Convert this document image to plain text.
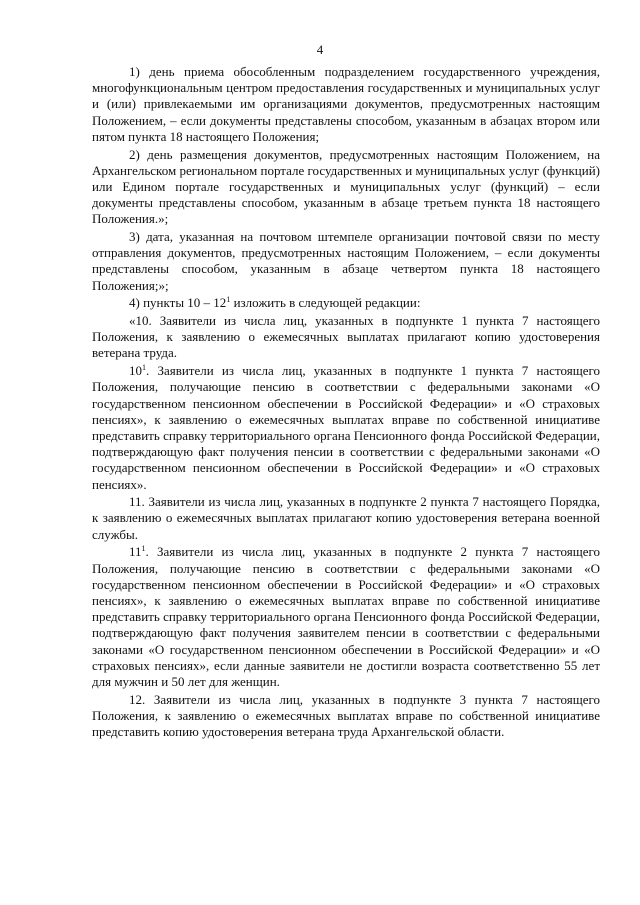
4

1) день приема обособленным подразделением государственного учреждения, многофункциональным центром предоставления государственных и муниципальных услуг и (или) привлекаемыми им организациями документов, предусмотренных настоящим Положением, – если документы представлены способом, указанным в абзацах втором или пятом пункта 18 настоящего Положения;

2) день размещения документов, предусмотренных настоящим Положением, на Архангельском региональном портале государственных и муниципальных услуг (функций) или Едином портале государственных и муниципальных услуг (функций) – если документы представлены способом, указанным в абзаце третьем пункта 18 настоящего Положения.»;

3) дата, указанная на почтовом штемпеле организации почтовой связи по месту отправления документов, предусмотренных настоящим Положением, – если документы представлены способом, указанным в абзаце четвертом пункта 18 настоящего Положения;»;

4) пункты $10 - 12^1$ изложить в следующей редакции:

«10. Заявители из числа лиц, указанных в подпункте 1 пункта 7 настоящего Положения, к заявлению о ежемесячных выплатах прилагают копию удостоверения ветерана труда.

$10^1$. Заявители из числа лиц, указанных в подпункте 1 пункта 7 настоящего Положения, получающие пенсию в соответствии с федеральными законами «О государственном пенсионном обеспечении в Российской Федерации» и «О страховых пенсиях», к заявлению о ежемесячных выплатах вправе по собственной инициативе представить справку территориального органа Пенсионного фонда Российской Федерации, подтверждающую факт получения пенсии в соответствии с федеральными законами «О государственном пенсионном обеспечении в Российской Федерации» и «О страховых пенсиях».

11. Заявители из числа лиц, указанных в подпункте 2 пункта 7 настоящего Порядка, к заявлению о ежемесячных выплатах прилагают копию удостоверения ветерана военной службы.

$11^1$. Заявители из числа лиц, указанных в подпункте 2 пункта 7 настоящего Положения, получающие пенсию в соответствии с федеральными законами «О государственном пенсионном обеспечении в Российской Федерации» и «О страховых пенсиях», к заявлению о ежемесячных выплатах вправе по собственной инициативе представить справку территориального органа Пенсионного фонда Российской Федерации, подтверждающую факт получения заявителем пенсии в соответствии с федеральными законами «О государственном пенсионном обеспечении в Российской Федерации» и «О страховых пенсиях», если данные заявители не достигли возраста соответственно 55 лет для мужчин и 50 лет для женщин.

12. Заявители из числа лиц, указанных в подпункте 3 пункта 7 настоящего Положения, к заявлению о ежемесячных выплатах вправе по собственной инициативе представить копию удостоверения ветерана труда Архангельской области.
